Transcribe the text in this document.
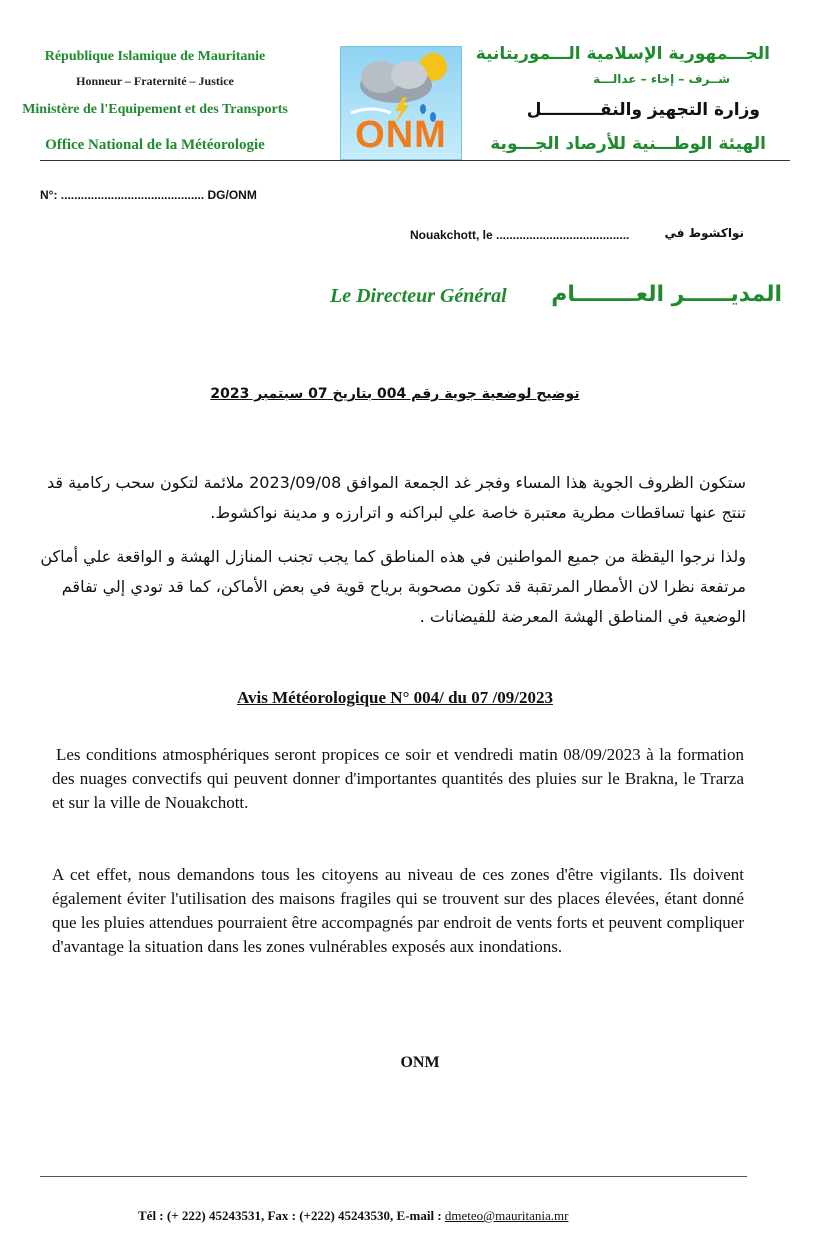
République Islamique de Mauritanie
Honneur – Fraternité – Justice
Ministère de l'Equipement et des Transports
Office National de la Météorologie	ONM
الجـــمهورية الإسلامية الـــموريتانية
شــرف – إخاء – عدالـــة
وزارة التجهيز والنقــــــــــل
الهيئة الوطـــنية للأرصاد الجـــوية
N°: ........................................... DG/ONM
Nouakchott, le ........................................	نواكشوط في
Le Directeur Général المديــــــر العــــــــام
توضيح لوضعية جوية رقم 004 بتاريخ 07 سبتمبر 2023
ستكون الظروف الجوية هذا المساء وفجر غد الجمعة الموافق 2023/09/08 ملائمة لتكون سحب ركامية قد تنتج عنها تساقطات مطرية معتبرة خاصة علي لبراكنه و اترارزه و مدينة نواكشوط.
ولذا نرجوا اليقظة من جميع المواطنين في هذه المناطق كما يجب تجنب المنازل الهشة و الواقعة علي أماكن مرتفعة نظرا لان الأمطار المرتقبة قد تكون مصحوبة برياح قوية في بعض الأماكن، كما قد تودي إلي تفاقم الوضعية في المناطق الهشة المعرضة للفيضانات .
Avis Météorologique N° 004/ du 07 /09/2023

Les conditions atmosphériques seront propices ce soir et vendredi matin 08/09/2023 à la formation des nuages convectifs qui peuvent donner d'importantes quantités des pluies sur le Brakna, le Trarza et sur la ville de Nouakchott.

A cet effet, nous demandons tous les citoyens au niveau de ces zones d'être vigilants. Ils doivent également éviter l'utilisation des maisons fragiles qui se trouvent sur des places élevées, étant donné que les pluies attendues pourraient être accompagnés par endroit de vents forts et peuvent compliquer d'avantage la situation dans les zones vulnérables exposés aux inondations.

ONM
Tél : (+ 222) 45243531, Fax : (+222) 45243530, E-mail : dmeteo@mauritania.mr
